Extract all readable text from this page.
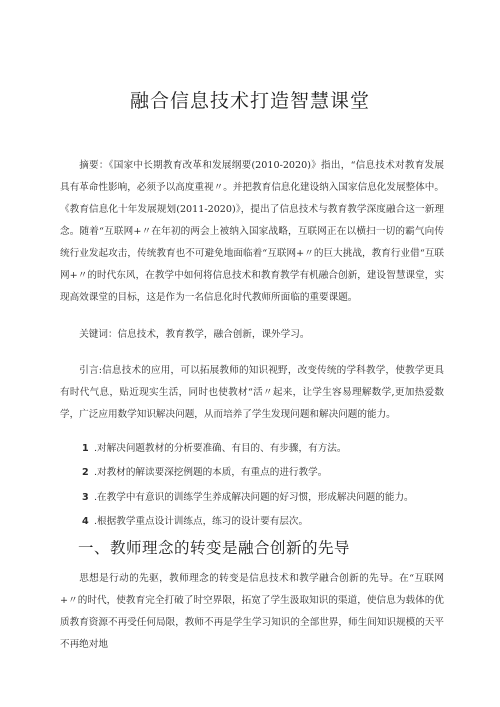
融合信息技术打造智慧课堂

摘要：《国家中长期教育改革和发展纲要(2010-2020)》指出，“信息技术对教育发展具有革命性影响，必须予以高度重视〃。并把教育信息化建设纳入国家信息化发展整体中。《教育信息化十年发展规划(2011-2020)》，提出了信息技术与教育教学深度融合这一新理念。随着“互联网+〃在年初的两会上被纳入国家战略，互联网正在以横扫一切的霸气向传统行业发起攻击，传统教育也不可避免地面临着“互联网+〃的巨大挑战，教育行业借“互联网+〃的时代东风，在教学中如何将信息技术和教育教学有机融合创新，建设智慧课堂，实现高效课堂的目标，这是作为一名信息化时代教师所面临的重要课题。

关键词：信息技术，教育教学，融合创新，课外学习。

引言:信息技术的应用，可以拓展教师的知识视野，改变传统的学科教学，使教学更具有时代气息，贴近现实生活，同时也使教材“活〃起来，让学生容易理解数学,更加热爱数学，广泛应用数学知识解决问题，从而培养了学生发现问题和解决问题的能力。

1 .对解决问题教材的分析要准确、有目的、有步骤，有方法。
2 .对教材的解读要深挖例题的本质，有重点的进行教学。
3 .在教学中有意识的训练学生养成解决问题的好习惯，形成解决问题的能力。
4 .根据教学重点设计训练点，练习的设计要有层次。
一、教师理念的转变是融合创新的先导

思想是行动的先驱，教师理念的转变是信息技术和教学融合创新的先导。在“互联网+〃的时代，使教育完全打破了时空界限，拓宽了学生汲取知识的渠道，使信息为载体的优质教育资源不再受任何局限，教师不再是学生学习知识的全部世界，师生间知识规模的天平不再绝对地
